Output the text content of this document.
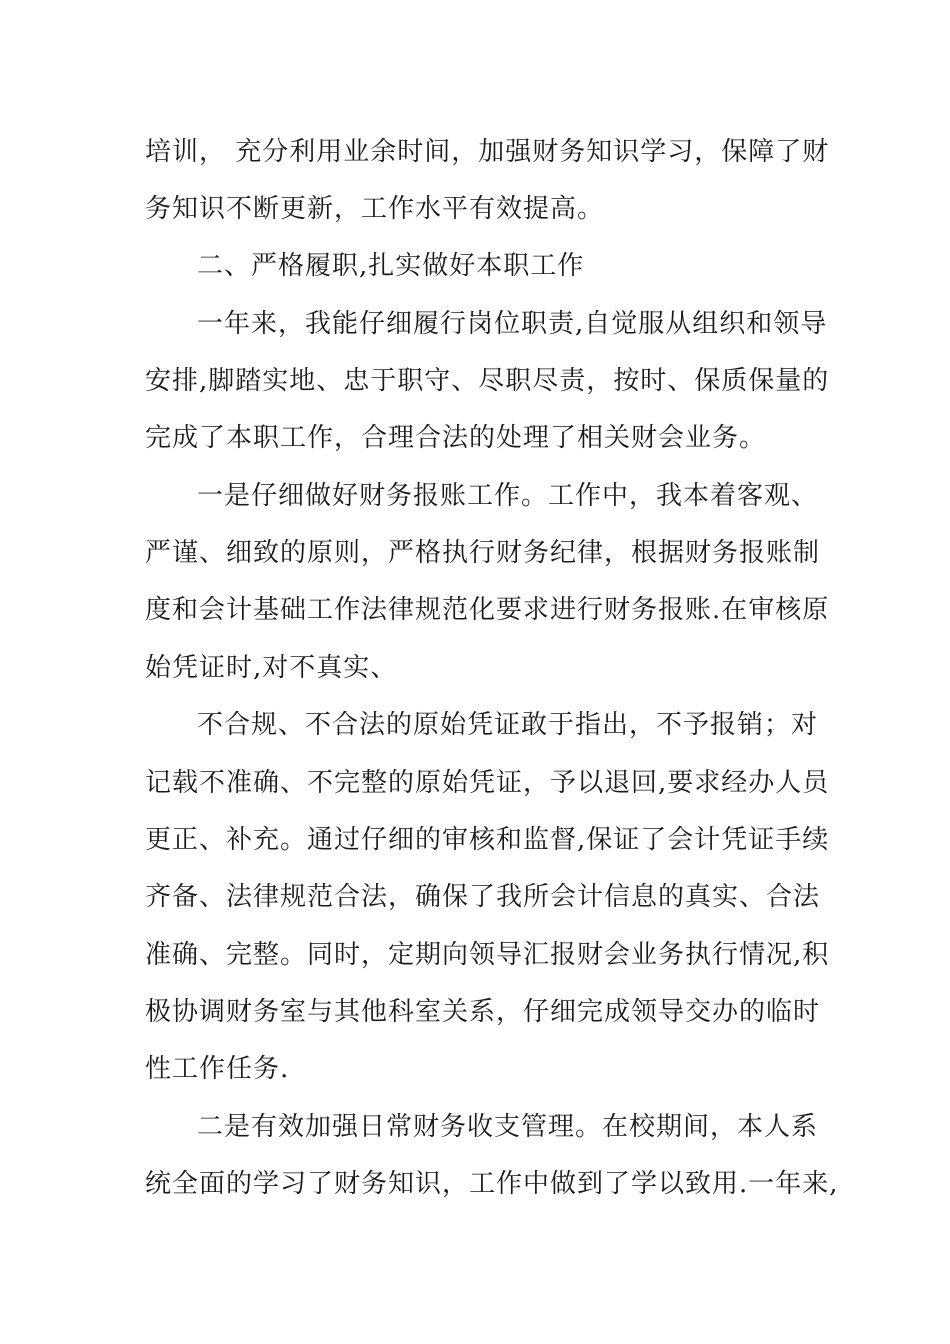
培训， 充分利用业余时间，加强财务知识学习，保障了财
务知识不断更新，工作水平有效提高。
二、严格履职,扎实做好本职工作
一年来，我能仔细履行岗位职责,自觉服从组织和领导
安排,脚踏实地、忠于职守、尽职尽责，按时、保质保量的
完成了本职工作，合理合法的处理了相关财会业务。
一是仔细做好财务报账工作。工作中，我本着客观、
严谨、细致的原则，严格执行财务纪律，根据财务报账制
度和会计基础工作法律规范化要求进行财务报账.在审核原
始凭证时,对不真实、
不合规、不合法的原始凭证敢于指出，不予报销；对
记载不准确、不完整的原始凭证，予以退回,要求经办人员
更正、补充。通过仔细的审核和监督,保证了会计凭证手续
齐备、法律规范合法，确保了我所会计信息的真实、合法
准确、完整。同时，定期向领导汇报财会业务执行情况,积
极协调财务室与其他科室关系，仔细完成领导交办的临时
性工作任务.
二是有效加强日常财务收支管理。在校期间，本人系
统全面的学习了财务知识，工作中做到了学以致用.一年来,
